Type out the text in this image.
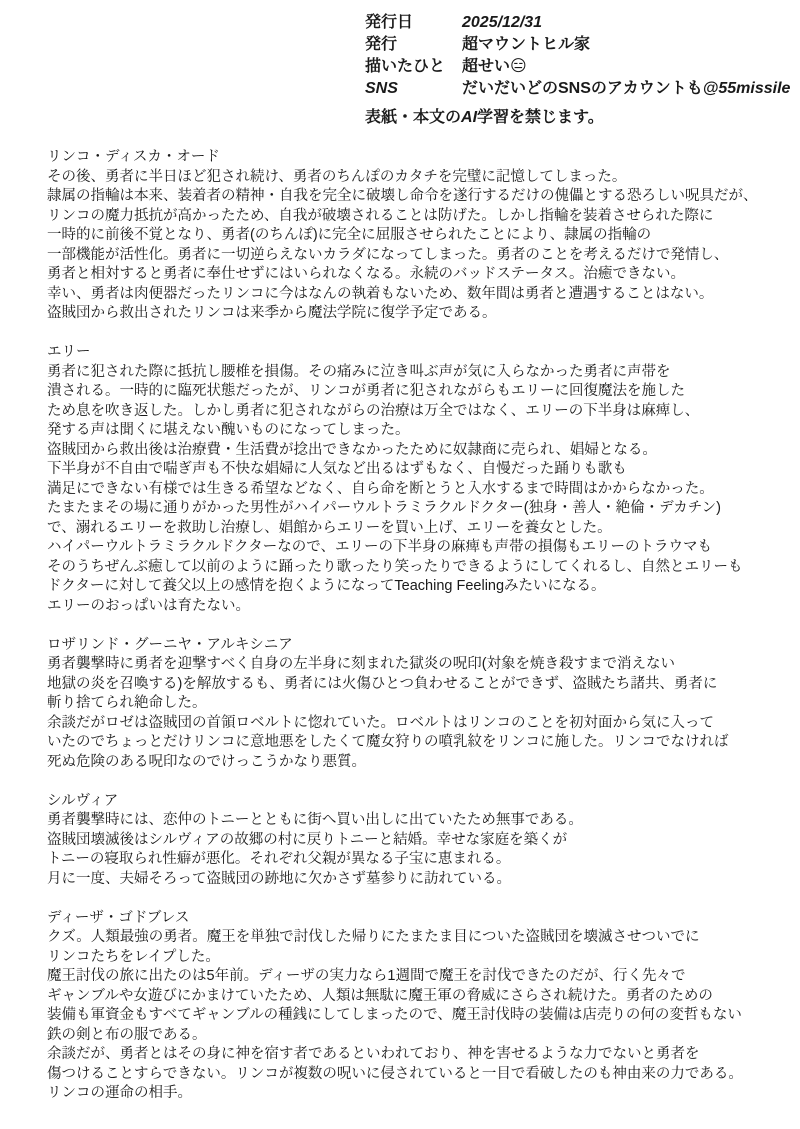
発行日	2025/12/31
発行	超マウントヒル家
描いたひと	超せい😑
SNS	だいだいどのSNSのアカウントも@55missile
表紙・本文のAI学習を禁じます。
リンコ・ディスカ・オード
その後、勇者に半日ほど犯され続け、勇者のちんぽのカタチを完璧に記憶してしまった。
隷属の指輪は本来、装着者の精神・自我を完全に破壊し命令を遂行するだけの傀儡とする恐ろしい呪具だが、
リンコの魔力抵抗が高かったため、自我が破壊されることは防げた。しかし指輪を装着させられた際に
一時的に前後不覚となり、勇者(のちんぽ)に完全に屈服させられたことにより、隷属の指輪の
一部機能が活性化。勇者に一切逆らえないカラダになってしまった。勇者のことを考えるだけで発情し、
勇者と相対すると勇者に奉仕せずにはいられなくなる。永続のバッドステータス。治癒できない。
幸い、勇者は肉便器だったリンコに今はなんの執着もないため、数年間は勇者と遭遇することはない。
盗賊団から救出されたリンコは来季から魔法学院に復学予定である。
エリー
勇者に犯された際に抵抗し腰椎を損傷。その痛みに泣き叫ぶ声が気に入らなかった勇者に声帯を
潰される。一時的に臨死状態だったが、リンコが勇者に犯されながらもエリーに回復魔法を施した
ため息を吹き返した。しかし勇者に犯されながらの治療は万全ではなく、エリーの下半身は麻痺し、
発する声は聞くに堪えない醜いものになってしまった。
盗賊団から救出後は治療費・生活費が捻出できなかったために奴隷商に売られ、娼婦となる。
下半身が不自由で喘ぎ声も不快な娼婦に人気など出るはずもなく、自慢だった踊りも歌も
満足にできない有様では生きる希望などなく、自ら命を断とうと入水するまで時間はかからなかった。
たまたまその場に通りがかった男性がハイパーウルトラミラクルドクター(独身・善人・絶倫・デカチン)
で、溺れるエリーを救助し治療し、娼館からエリーを買い上げ、エリーを養女とした。
ハイパーウルトラミラクルドクターなので、エリーの下半身の麻痺も声帯の損傷もエリーのトラウマも
そのうちぜんぶ癒して以前のように踊ったり歌ったり笑ったりできるようにしてくれるし、自然とエリーも
ドクターに対して養父以上の感情を抱くようになってTeaching Feelingみたいになる。
エリーのおっぱいは育たない。
ロザリンド・グーニヤ・アルキシニア
勇者襲撃時に勇者を迎撃すべく自身の左半身に刻まれた獄炎の呪印(対象を焼き殺すまで消えない
地獄の炎を召喚する)を解放するも、勇者には火傷ひとつ負わせることができず、盗賊たち諸共、勇者に
斬り捨てられ絶命した。
余談だがロゼは盗賊団の首領ロベルトに惚れていた。ロベルトはリンコのことを初対面から気に入って
いたのでちょっとだけリンコに意地悪をしたくて魔女狩りの噴乳紋をリンコに施した。リンコでなければ
死ぬ危険のある呪印なのでけっこうかなり悪質。
シルヴィア
勇者襲撃時には、恋仲のトニーとともに街へ買い出しに出ていたため無事である。
盗賊団壊滅後はシルヴィアの故郷の村に戻りトニーと結婚。幸せな家庭を築くが
トニーの寝取られ性癖が悪化。それぞれ父親が異なる子宝に恵まれる。
月に一度、夫婦そろって盗賊団の跡地に欠かさず墓参りに訪れている。
ディーザ・ゴドブレス
クズ。人類最強の勇者。魔王を単独で討伐した帰りにたまたま目についた盗賊団を壊滅させついでに
リンコたちをレイプした。
魔王討伐の旅に出たのは5年前。ディーザの実力なら1週間で魔王を討伐できたのだが、行く先々で
ギャンブルや女遊びにかまけていたため、人類は無駄に魔王軍の脅威にさらされ続けた。勇者のための
装備も軍資金もすべてギャンブルの種銭にしてしまったので、魔王討伐時の装備は店売りの何の変哲もない
鉄の剣と布の服である。
余談だが、勇者とはその身に神を宿す者であるといわれており、神を害せるような力でないと勇者を
傷つけることすらできない。リンコが複数の呪いに侵されていると一目で看破したのも神由来の力である。
リンコの運命の相手。
